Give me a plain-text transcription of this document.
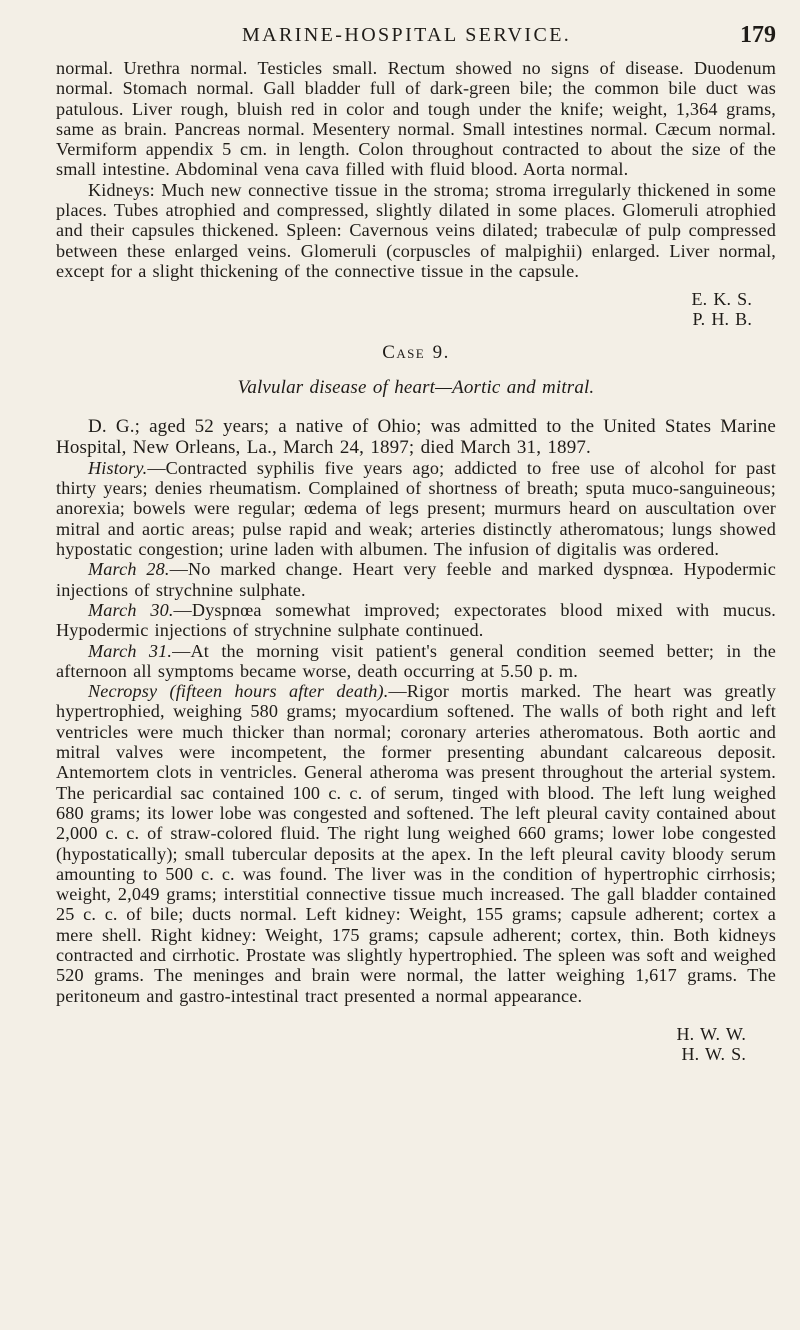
MARINE-HOSPITAL SERVICE.	179

normal. Urethra normal. Testicles small. Rectum showed no signs of disease. Duodenum normal. Stomach normal. Gall bladder full of dark-green bile; the common bile duct was patulous. Liver rough, bluish red in color and tough under the knife; weight, 1,364 grams, same as brain. Pancreas normal. Mesentery normal. Small intestines normal. Cæcum normal. Vermiform appendix 5 cm. in length. Colon throughout contracted to about the size of the small intestine. Abdominal vena cava filled with fluid blood. Aorta normal.

Kidneys: Much new connective tissue in the stroma; stroma irregularly thickened in some places. Tubes atrophied and compressed, slightly dilated in some places. Glomeruli atrophied and their capsules thickened. Spleen: Cavernous veins dilated; trabeculæ of pulp compressed between these enlarged veins. Glomeruli (corpuscles of malpighii) enlarged. Liver normal, except for a slight thickening of the connective tissue in the capsule.

E. K. S.
P. H. B.
Case 9.
Valvular disease of heart—Aortic and mitral.

D. G.; aged 52 years; a native of Ohio; was admitted to the United States Marine Hospital, New Orleans, La., March 24, 1897; died March 31, 1897.

History.—Contracted syphilis five years ago; addicted to free use of alcohol for past thirty years; denies rheumatism. Complained of shortness of breath; sputa muco-sanguineous; anorexia; bowels were regular; œdema of legs present; murmurs heard on auscultation over mitral and aortic areas; pulse rapid and weak; arteries distinctly atheromatous; lungs showed hypostatic congestion; urine laden with albumen. The infusion of digitalis was ordered.

March 28.—No marked change. Heart very feeble and marked dyspnœa. Hypodermic injections of strychnine sulphate.

March 30.—Dyspnœa somewhat improved; expectorates blood mixed with mucus. Hypodermic injections of strychnine sulphate continued.

March 31.—At the morning visit patient's general condition seemed better; in the afternoon all symptoms became worse, death occurring at 5.50 p. m.

Necropsy (fifteen hours after death).—Rigor mortis marked. The heart was greatly hypertrophied, weighing 580 grams; myocardium softened. The walls of both right and left ventricles were much thicker than normal; coronary arteries atheromatous. Both aortic and mitral valves were incompetent, the former presenting abundant calcareous deposit. Antemortem clots in ventricles. General atheroma was present throughout the arterial system. The pericardial sac contained 100 c. c. of serum, tinged with blood. The left lung weighed 680 grams; its lower lobe was congested and softened. The left pleural cavity contained about 2,000 c. c. of straw-colored fluid. The right lung weighed 660 grams; lower lobe congested (hypostatically); small tubercular deposits at the apex. In the left pleural cavity bloody serum amounting to 500 c. c. was found. The liver was in the condition of hypertrophic cirrhosis; weight, 2,049 grams; interstitial connective tissue much increased. The gall bladder contained 25 c. c. of bile; ducts normal. Left kidney: Weight, 155 grams; capsule adherent; cortex a mere shell. Right kidney: Weight, 175 grams; capsule adherent; cortex, thin. Both kidneys contracted and cirrhotic. Prostate was slightly hypertrophied. The spleen was soft and weighed 520 grams. The meninges and brain were normal, the latter weighing 1,617 grams. The peritoneum and gastro-intestinal tract presented a normal appearance.

H. W. W.
H. W. S.
